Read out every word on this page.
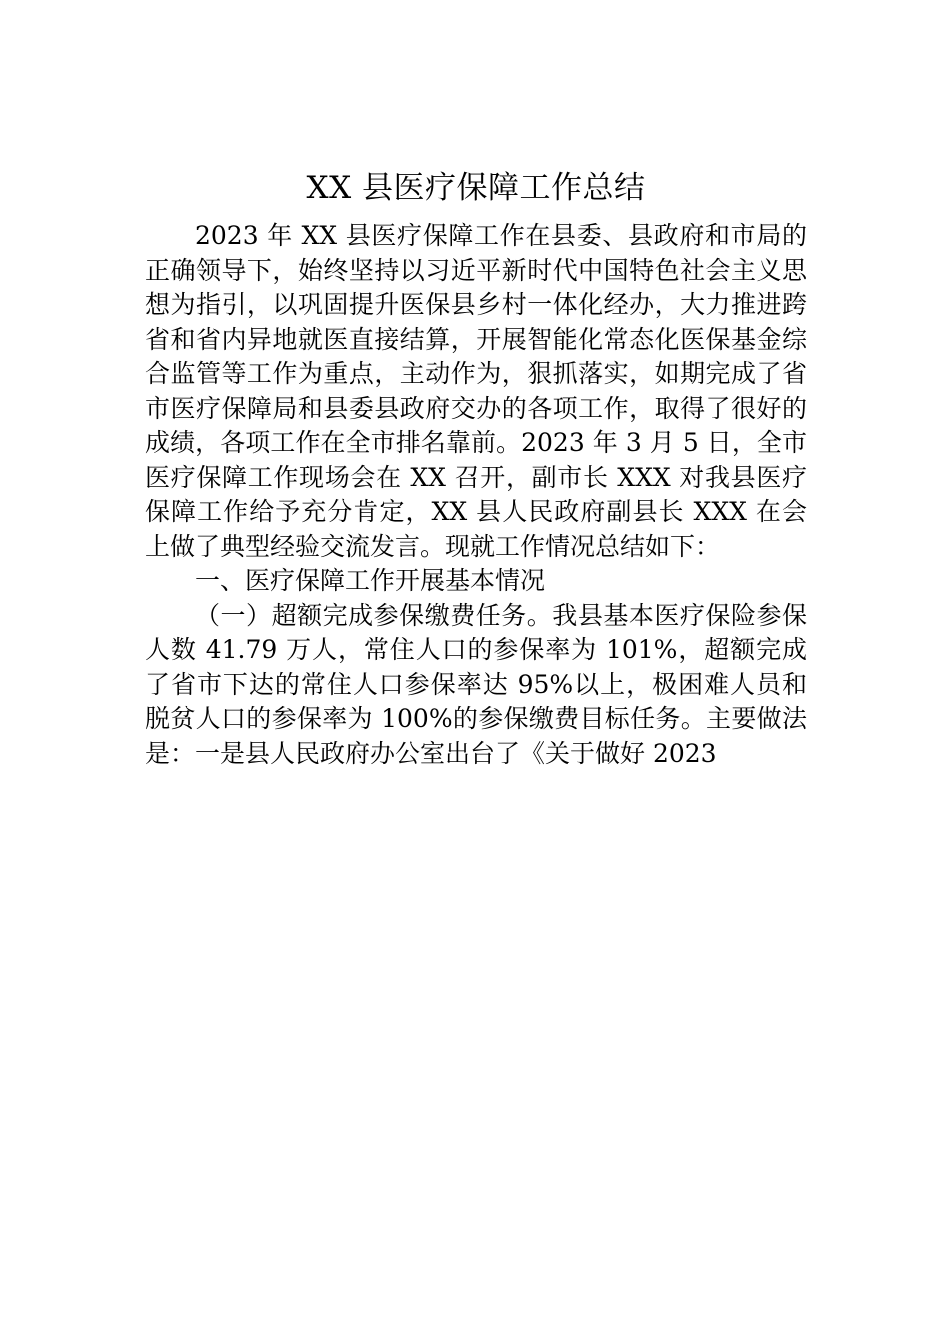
XX 县医疗保障工作总结

2023 年 XX 县医疗保障工作在县委、县政府和市局的正确领导下，始终坚持以习近平新时代中国特色社会主义思想为指引，以巩固提升医保县乡村一体化经办，大力推进跨省和省内异地就医直接结算，开展智能化常态化医保基金综合监管等工作为重点，主动作为，狠抓落实，如期完成了省市医疗保障局和县委县政府交办的各项工作，取得了很好的成绩，各项工作在全市排名靠前。2023 年 3 月 5 日，全市医疗保障工作现场会在 XX 召开，副市长 XXX 对我县医疗保障工作给予充分肯定，XX 县人民政府副县长 XXX 在会上做了典型经验交流发言。现就工作情况总结如下：

一、医疗保障工作开展基本情况

（一）超额完成参保缴费任务。我县基本医疗保险参保人数 41.79 万人，常住人口的参保率为 101%，超额完成了省市下达的常住人口参保率达 95%以上，极困难人员和脱贫人口的参保率为 100%的参保缴费目标任务。主要做法是：一是县人民政府办公室出台了《关于做好 2023
